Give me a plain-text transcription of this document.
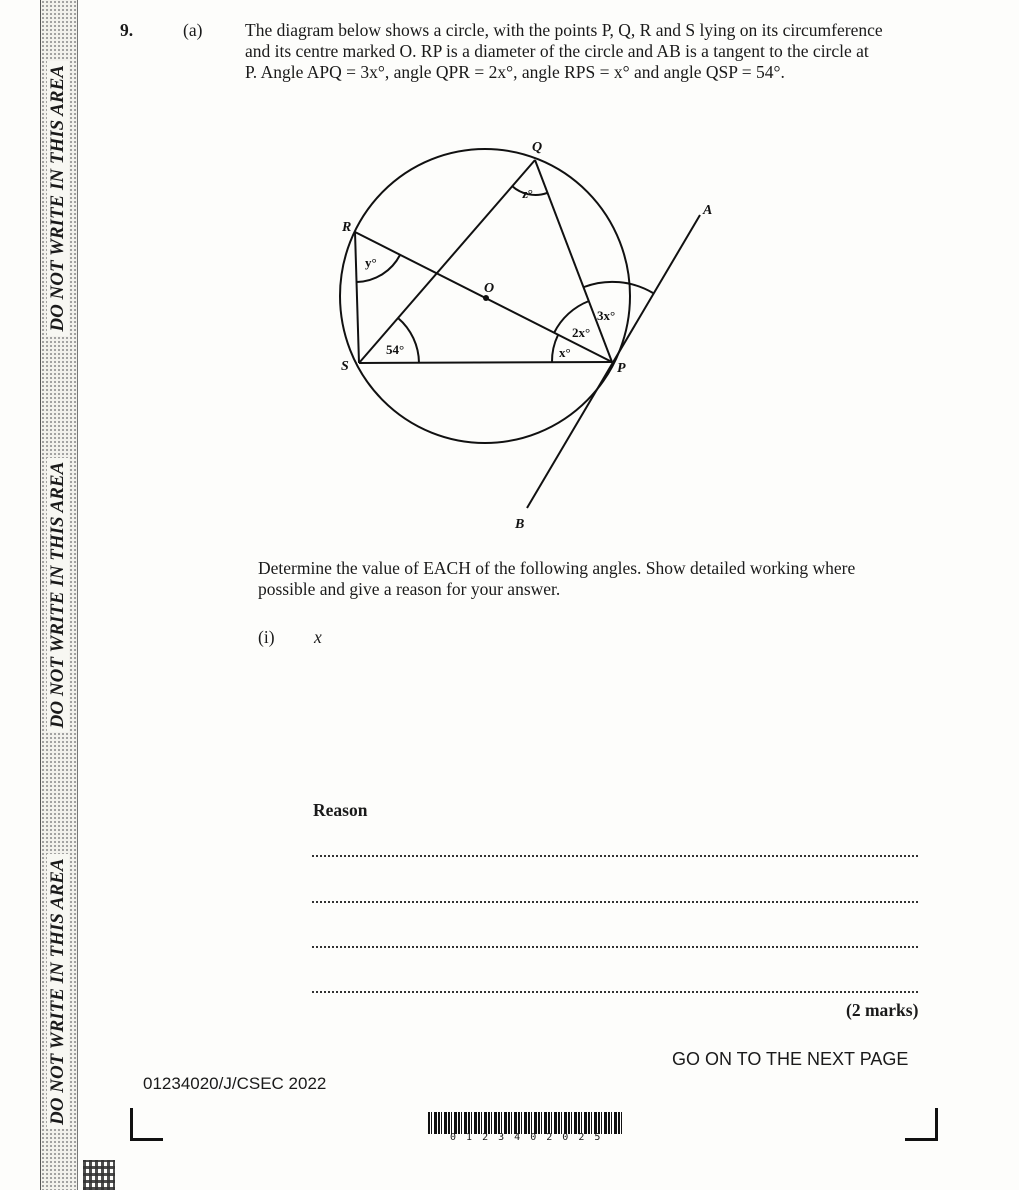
DO NOT WRITE IN THIS AREA
DO NOT WRITE IN THIS AREA
DO NOT WRITE IN THIS AREA
9.	(a) The diagram below shows a circle, with the points P, Q, R and S lying on its circumference
and its centre marked O. RP is a diameter of the circle and AB is a tangent to the circle at
P. Angle APQ = 3x°, angle QPR = 2x°, angle RPS = x° and angle QSP = 54°.
Q
R
S	P
O
A
B
z°
y°
54°	x°
2x°
3x°
Determine the value of EACH of the following angles. Show detailed working where
possible and give a reason for your answer.
(i) x
Reason
(2 marks)
GO ON TO THE NEXT PAGE
01234020/J/CSEC 2022
0 1 2 3 4 0 2 0 2 5
